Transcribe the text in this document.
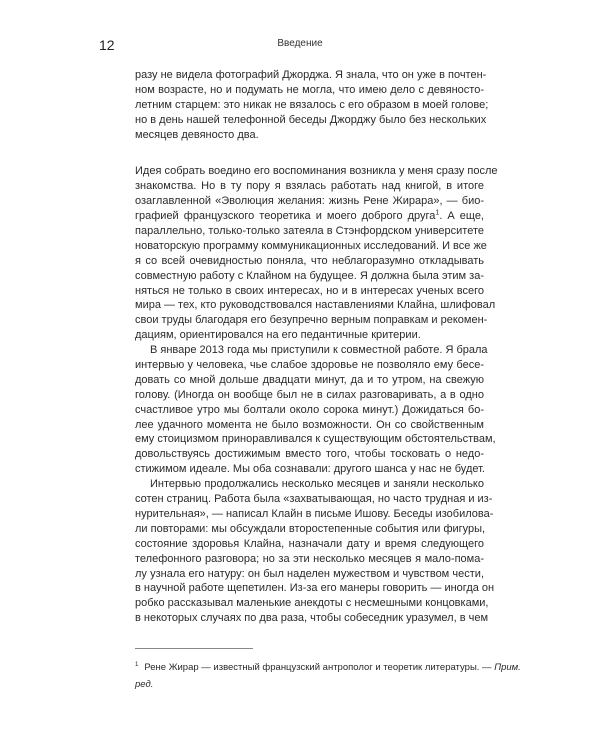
12	Введение
разу не видела фотографий Джорджа. Я знала, что он уже в почтен-
ном возрасте, но и подумать не могла, что имею дело с девяносто-
летним старцем: это никак не вязалось с его образом в моей голове;
но в день нашей телефонной беседы Джорджу было без нескольких
месяцев девяносто два.
Идея собрать воедино его воспоминания возникла у меня сразу после
знакомства. Но в ту пору я взялась работать над книгой, в итоге
озаглавленной «Эволюция желания: жизнь Рене Жирара», — био-
графией французского теоретика и моего доброго друга$^1$. А еще,
параллельно, только-только затеяла в Стэнфордском университете
новаторскую программу коммуникационных исследований. И все же
я со всей очевидностью поняла, что неблагоразумно откладывать
совместную работу с Клайном на будущее. Я должна была этим за-
няться не только в своих интересах, но и в интересах ученых всего
мира — тех, кто руководствовался наставлениями Клайна, шлифовал
свои труды благодаря его безупречно верным поправкам и рекомен-
дациям, ориентировался на его педантичные критерии.
В январе 2013 года мы приступили к совместной работе. Я брала
интервью у человека, чье слабое здоровье не позволяло ему бесе-
довать со мной дольше двадцати минут, да и то утром, на свежую
голову. (Иногда он вообще был не в силах разговаривать, а в одно
счастливое утро мы болтали около сорока минут.) Дожидаться бо-
лее удачного момента не было возможности. Он со свойственным
ему стоицизмом приноравливался к существующим обстоятельствам,
довольствуясь достижимым вместо того, чтобы тосковать о недо-
стижимом идеале. Мы оба сознавали: другого шанса у нас не будет.
Интервью продолжались несколько месяцев и заняли несколько
сотен страниц. Работа была «захватывающая, но часто трудная и из-
нурительная», — написал Клайн в письме Ишову. Беседы изобилова-
ли повторами: мы обсуждали второстепенные события или фигуры,
состояние здоровья Клайна, назначали дату и время следующего
телефонного разговора; но за эти несколько месяцев я мало-пома-
лу узнала его натуру: он был наделен мужеством и чувством чести,
в научной работе щепетилен. Из-за его манеры говорить — иногда он
робко рассказывал маленькие анекдоты с несмешными концовками,
в некоторых случаях по два раза, чтобы собеседник уразумел, в чем
$^1$ Рене Жирар — известный французский антрополог и теоретик литературы. — Прим.
ред.
